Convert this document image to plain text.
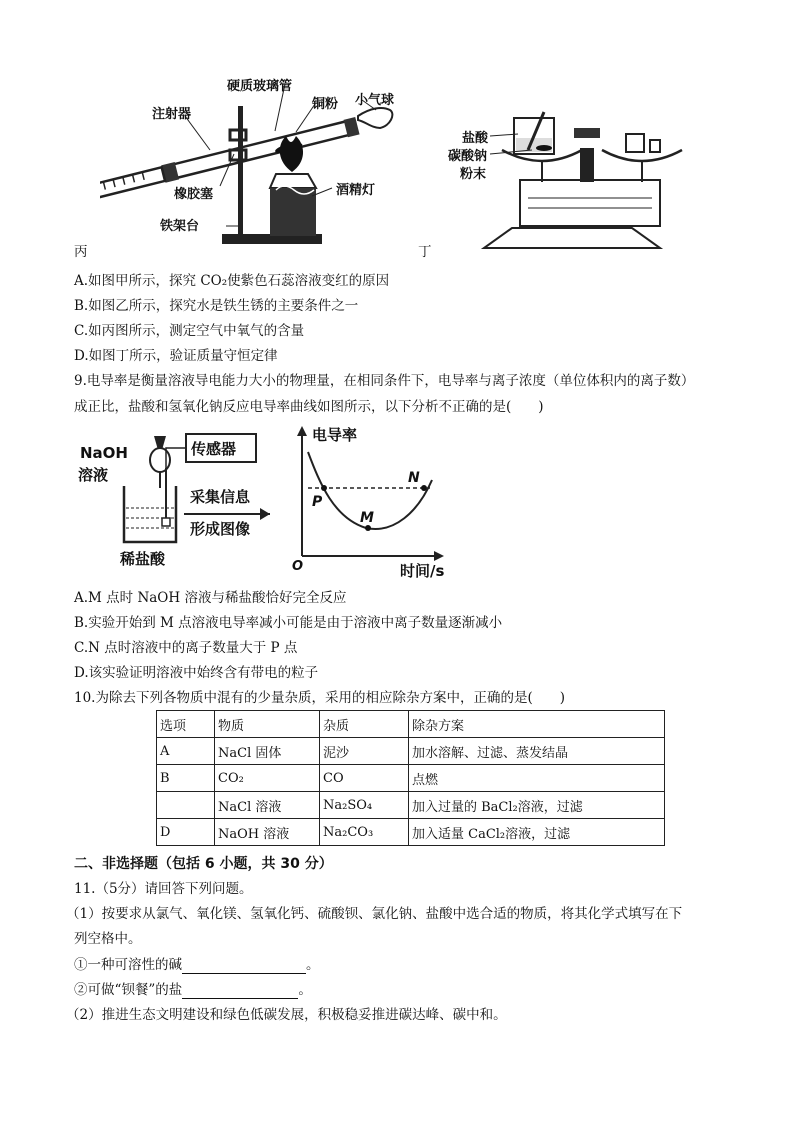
硬质玻璃管
铜粉 小气球
注射器
橡胶塞	酒精灯
铁架台
丙
盐酸
碳酸钠
粉末
丁
A.如图甲所示，探究 CO₂使紫色石蕊溶液变红的原因
B.如图乙所示，探究水是铁生锈的主要条件之一
C.如丙图所示，测定空气中氧气的含量
D.如图丁所示，验证质量守恒定律
9.电导率是衡量溶液导电能力大小的物理量，在相同条件下，电导率与离子浓度（单位体积内的离子数）
成正比，盐酸和氢氧化钠反应电导率曲线如图所示，以下分析不正确的是(　　)
NaOH
溶液
传感器
采集信息
形成图像
稀盐酸
电导率
时间/s
O
P
M
N
A.M 点时 NaOH 溶液与稀盐酸恰好完全反应
B.实验开始到 M 点溶液电导率减小可能是由于溶液中离子数量逐渐减小
C.N 点时溶液中的离子数量大于 P 点
D.该实验证明溶液中始终含有带电的粒子
10.为除去下列各物质中混有的少量杂质，采用的相应除杂方案中，正确的是(　　)
选项	物质	杂质	除杂方案
A	NaCl 固体	泥沙	加水溶解、过滤、蒸发结晶
B	CO₂	CO	点燃
	NaCl 溶液	Na₂SO₄	加入过量的 BaCl₂溶液，过滤
D	NaOH 溶液	Na₂CO₃	加入适量 CaCl₂溶液，过滤
二、非选择题（包括 6 小题，共 30 分）
11.（5分）请回答下列问题。
（1）按要求从氯气、氧化镁、氢氧化钙、硫酸钡、氯化钠、盐酸中选合适的物质，将其化学式填写在下
列空格中。
①一种可溶性的碱	。
②可做“钡餐”的盐	。
（2）推进生态文明建设和绿色低碳发展，积极稳妥推进碳达峰、碳中和。
